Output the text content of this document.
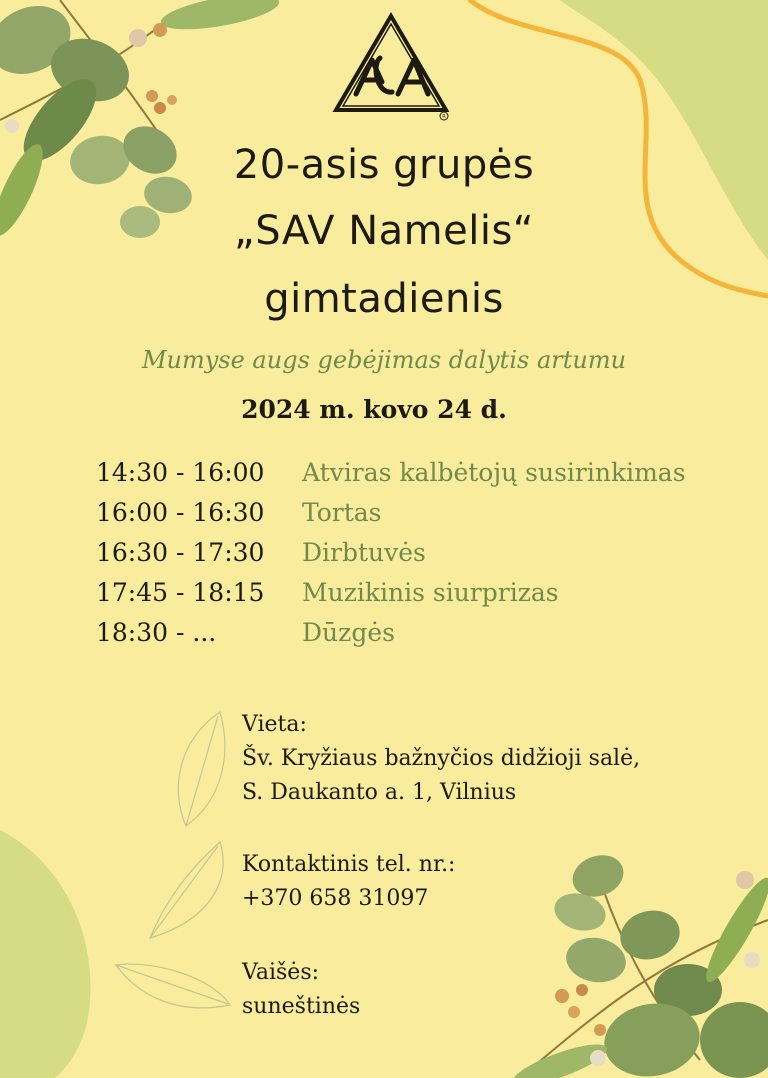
R
20-asis grupės
„SAV Namelis“
gimtadienis
Mumyse augs gebėjimas dalytis artumu
2024 m. kovo 24 d.
14:30 - 16:00 Atviras kalbėtojų susirinkimas
16:00 - 16:30 Tortas
16:30 - 17:30 Dirbtuvės
17:45 - 18:15 Muzikinis siurprizas
18:30 - ...	Dūzgės
Vieta:
Šv. Kryžiaus bažnyčios didžioji salė,
S. Daukanto a. 1, Vilnius
Kontaktinis tel. nr.:
+370 658 31097
Vaišės:
suneštinės
